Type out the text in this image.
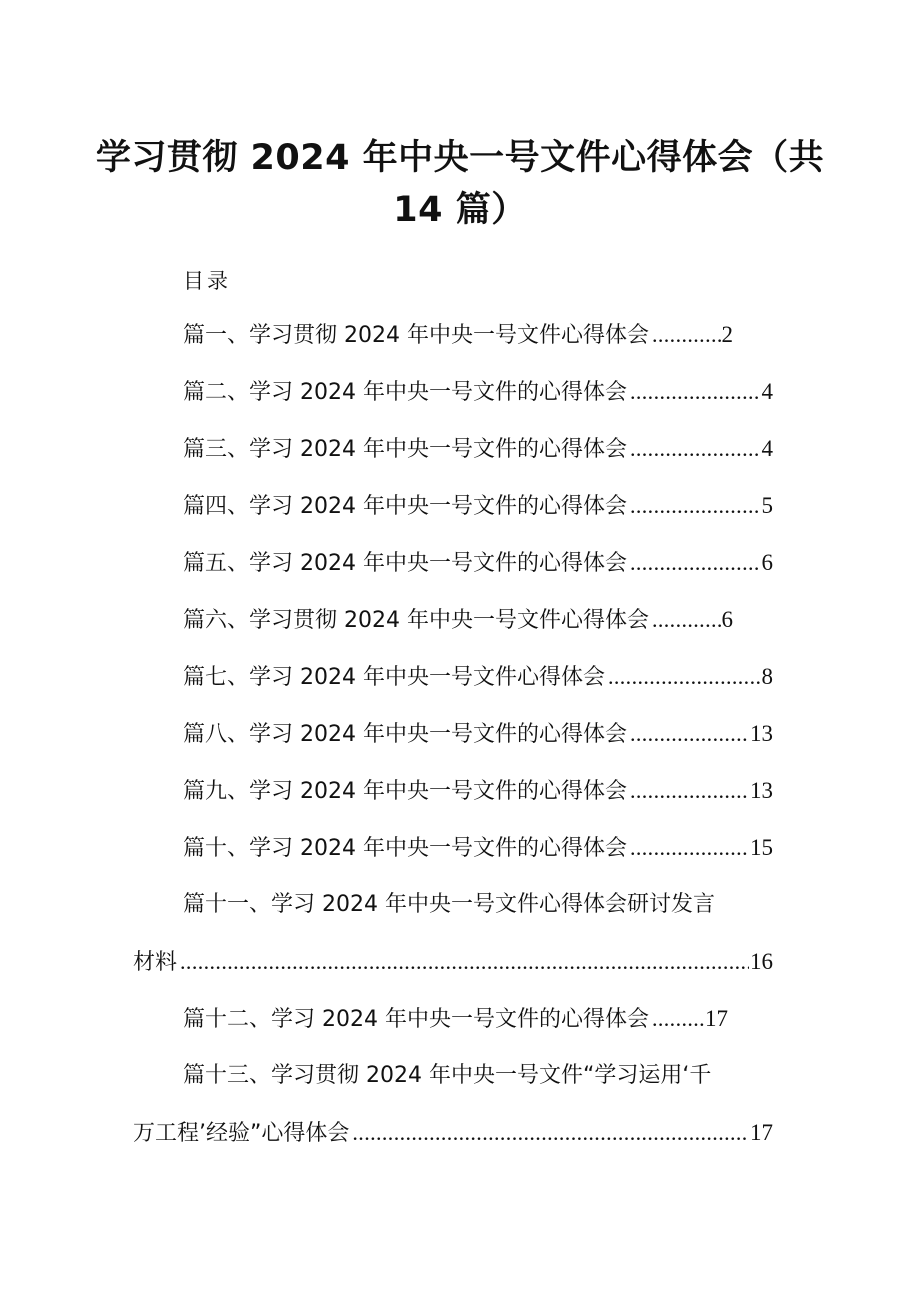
学习贯彻 2024 年中央一号文件心得体会（共
14 篇）
目录
篇一、学习贯彻 2024 年中央一号文件心得体会 .....	2
篇二、学习 2024 年中央一号文件的心得体会 .....	4
篇三、学习 2024 年中央一号文件的心得体会 .....	4
篇四、学习 2024 年中央一号文件的心得体会 .....	5
篇五、学习 2024 年中央一号文件的心得体会 .....	6
篇六、学习贯彻 2024 年中央一号文件心得体会 .....	6
篇七、学习 2024 年中央一号文件心得体会 .....	8
篇八、学习 2024 年中央一号文件的心得体会 .....	13
篇九、学习 2024 年中央一号文件的心得体会 .....	13
篇十、学习 2024 年中央一号文件的心得体会 .....	15
篇十一、学习 2024 年中央一号文件心得体会研讨发言
材料 .....	16
篇十二、学习 2024 年中央一号文件的心得体会 ..... 17
篇十三、学习贯彻 2024 年中央一号文件“学习运用‘千
万工程’经验”心得体会 .....	17
